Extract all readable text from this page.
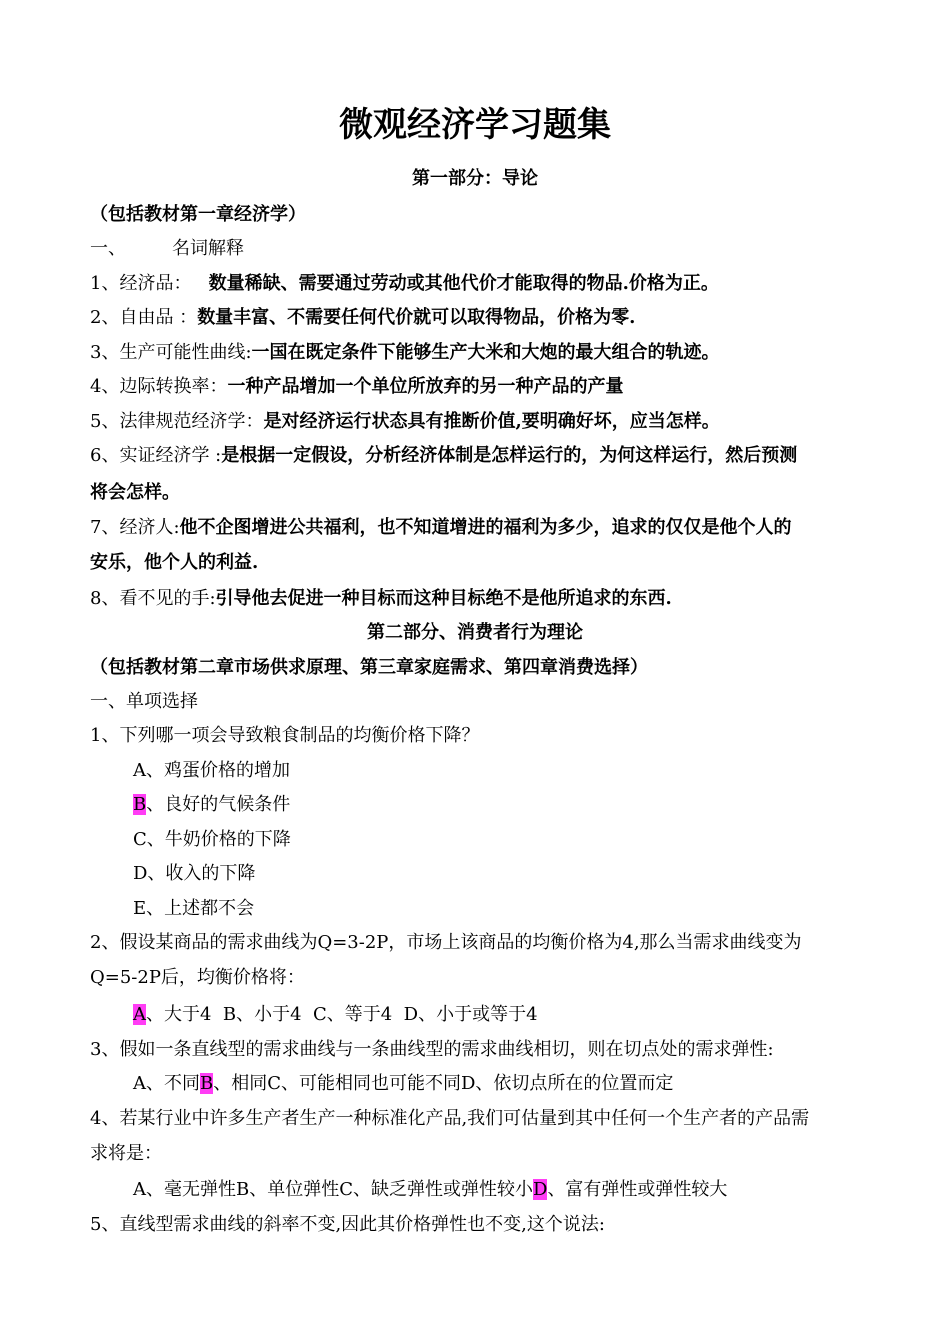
微观经济学习题集
第一部分：导论
（包括教材第一章经济学）
一、	名词解释
1、经济品： 数量稀缺、需要通过劳动或其他代价才能取得的物品.价格为正。
2、自由品 ：数量丰富、不需要任何代价就可以取得物品，价格为零.
3、生产可能性曲线:一国在既定条件下能够生产大米和大炮的最大组合的轨迹。
4、边际转换率：一种产品增加一个单位所放弃的另一种产品的产量
5、法律规范经济学：是对经济运行状态具有推断价值,要明确好坏，应当怎样。
6、实证经济学 :是根据一定假设，分析经济体制是怎样运行的，为何这样运行，然后预测
将会怎样。
7、经济人:他不企图增进公共福利，也不知道增进的福利为多少，追求的仅仅是他个人的
安乐，他个人的利益.
8、看不见的手:引导他去促进一种目标而这种目标绝不是他所追求的东西.
第二部分、消费者行为理论
（包括教材第二章市场供求原理、第三章家庭需求、第四章消费选择）
一、单项选择
1、下列哪一项会导致粮食制品的均衡价格下降？
A、鸡蛋价格的增加
B、良好的气候条件
C、牛奶价格的下降
D、收入的下降
E、上述都不会
2、假设某商品的需求曲线为Q=3-2P，市场上该商品的均衡价格为4,那么当需求曲线变为
Q=5-2P后，均衡价格将：
A、大于4  B、小于4  C、等于4  D、小于或等于4
3、假如一条直线型的需求曲线与一条曲线型的需求曲线相切，则在切点处的需求弹性:
A、不同B、相同C、可能相同也可能不同D、依切点所在的位置而定
4、若某行业中许多生产者生产一种标准化产品,我们可估量到其中任何一个生产者的产品需
求将是：
A、毫无弹性B、单位弹性C、缺乏弹性或弹性较小D、富有弹性或弹性较大
5、直线型需求曲线的斜率不变,因此其价格弹性也不变,这个说法:
